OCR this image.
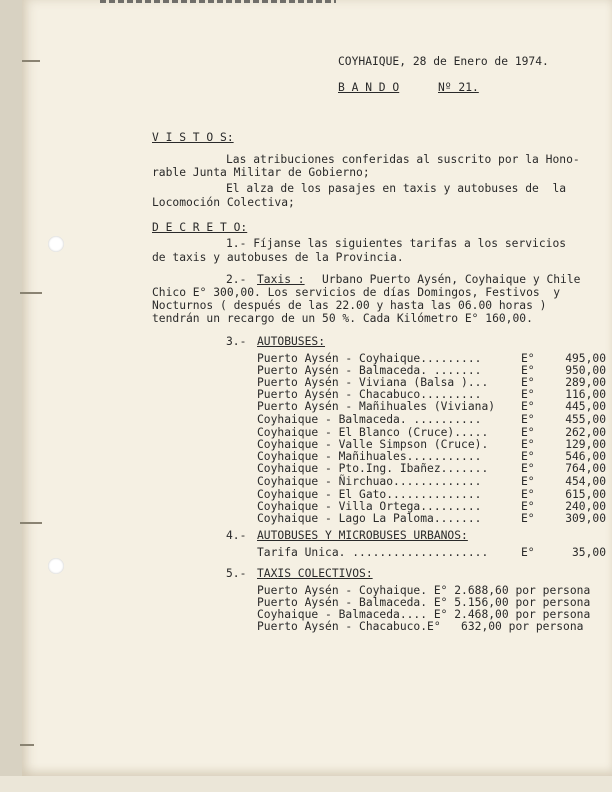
COYHAIQUE, 28 de Enero de 1974.
B A N D O	Nº 21.
V I S T O S:
Las atribuciones conferidas al suscrito por la Hono-
rable Junta Militar de Gobierno;
El alza de los pasajes en taxis y autobuses de  la
Locomoción Colectiva;
D E C R E T O:
1.- Fíjanse las siguientes tarifas a los servicios
de taxis y autobuses de la Provincia.
2.- Taxis : Urbano Puerto Aysén, Coyhaique y Chile
Chico E° 300,00. Los servicios de días Domingos, Festivos  y
Nocturnos ( después de las 22.00 y hasta las 06.00 horas )
tendrán un recargo de un 50 %. Cada Kilómetro E° 160,00.
3.- AUTOBUSES:
Puerto Aysén - Coyhaique.........	E°	495,00
Puerto Aysén - Balmaceda. .......	E°	950,00
Puerto Aysén - Viviana (Balsa )...	E°	289,00
Puerto Aysén - Chacabuco.........	E°	116,00
Puerto Aysén - Mañihuales (Viviana) E°	445,00
Coyhaique - Balmaceda. ..........	E°	455,00
Coyhaique - El Blanco (Cruce).....	E°	262,00
Coyhaique - Valle Simpson (Cruce).	E°	129,00
Coyhaique - Mañihuales...........	E°	546,00
Coyhaique - Pto.Ing. Ibañez.......	E°	764,00
Coyhaique - Ñirchuao.............	E°	454,00
Coyhaique - El Gato..............	E°	615,00
Coyhaique - Villa Ortega.........	E°	240,00
Coyhaique - Lago La Paloma.......	E°	309,00
4.- AUTOBUSES Y MICROBUSES URBANOS:
Tarifa Unica. ....................	E°	35,00
5.- TAXIS COLECTIVOS:
Puerto Aysén - Coyhaique. E° 2.688,60 por persona
Puerto Aysén - Balmaceda. E° 5.156,00 por persona
Coyhaique - Balmaceda.... E° 2.468,00 por persona
Puerto Aysén - Chacabuco.E°   632,00 por persona
